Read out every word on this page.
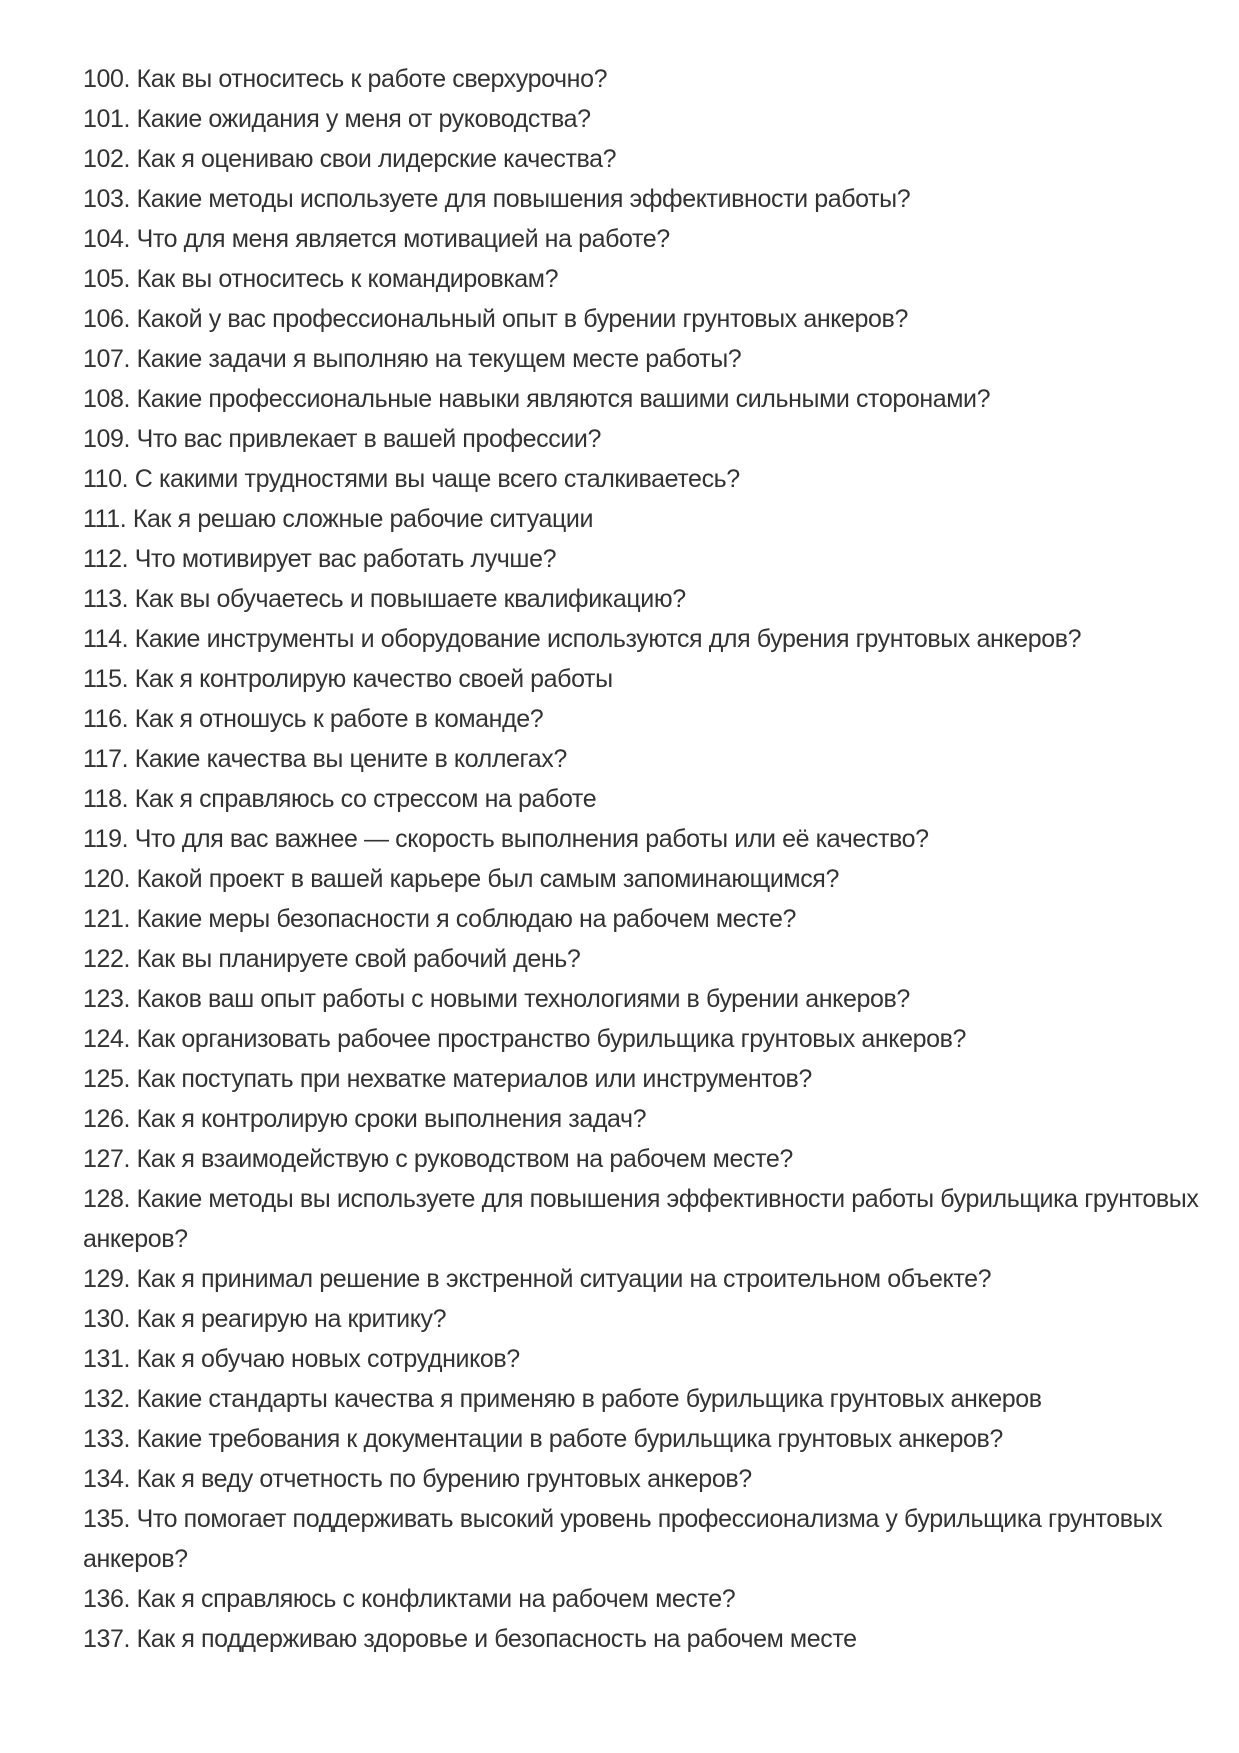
100. Как вы относитесь к работе сверхурочно?

101. Какие ожидания у меня от руководства?

102. Как я оцениваю свои лидерские качества?

103. Какие методы используете для повышения эффективности работы?

104. Что для меня является мотивацией на работе?

105. Как вы относитесь к командировкам?

106. Какой у вас профессиональный опыт в бурении грунтовых анкеров?

107. Какие задачи я выполняю на текущем месте работы?

108. Какие профессиональные навыки являются вашими сильными сторонами?

109. Что вас привлекает в вашей профессии?

110. С какими трудностями вы чаще всего сталкиваетесь?

111. Как я решаю сложные рабочие ситуации

112. Что мотивирует вас работать лучше?

113. Как вы обучаетесь и повышаете квалификацию?

114. Какие инструменты и оборудование используются для бурения грунтовых анкеров?

115. Как я контролирую качество своей работы

116. Как я отношусь к работе в команде?

117. Какие качества вы цените в коллегах?

118. Как я справляюсь со стрессом на работе

119. Что для вас важнее — скорость выполнения работы или её качество?

120. Какой проект в вашей карьере был самым запоминающимся?

121. Какие меры безопасности я соблюдаю на рабочем месте?

122. Как вы планируете свой рабочий день?

123. Каков ваш опыт работы с новыми технологиями в бурении анкеров?

124. Как организовать рабочее пространство бурильщика грунтовых анкеров?

125. Как поступать при нехватке материалов или инструментов?

126. Как я контролирую сроки выполнения задач?

127. Как я взаимодействую с руководством на рабочем месте?

128. Какие методы вы используете для повышения эффективности работы бурильщика грунтовых анкеров?

129. Как я принимал решение в экстренной ситуации на строительном объекте?

130. Как я реагирую на критику?

131. Как я обучаю новых сотрудников?

132. Какие стандарты качества я применяю в работе бурильщика грунтовых анкеров

133. Какие требования к документации в работе бурильщика грунтовых анкеров?

134. Как я веду отчетность по бурению грунтовых анкеров?

135. Что помогает поддерживать высокий уровень профессионализма у бурильщика грунтовых анкеров?

136. Как я справляюсь с конфликтами на рабочем месте?

137. Как я поддерживаю здоровье и безопасность на рабочем месте
